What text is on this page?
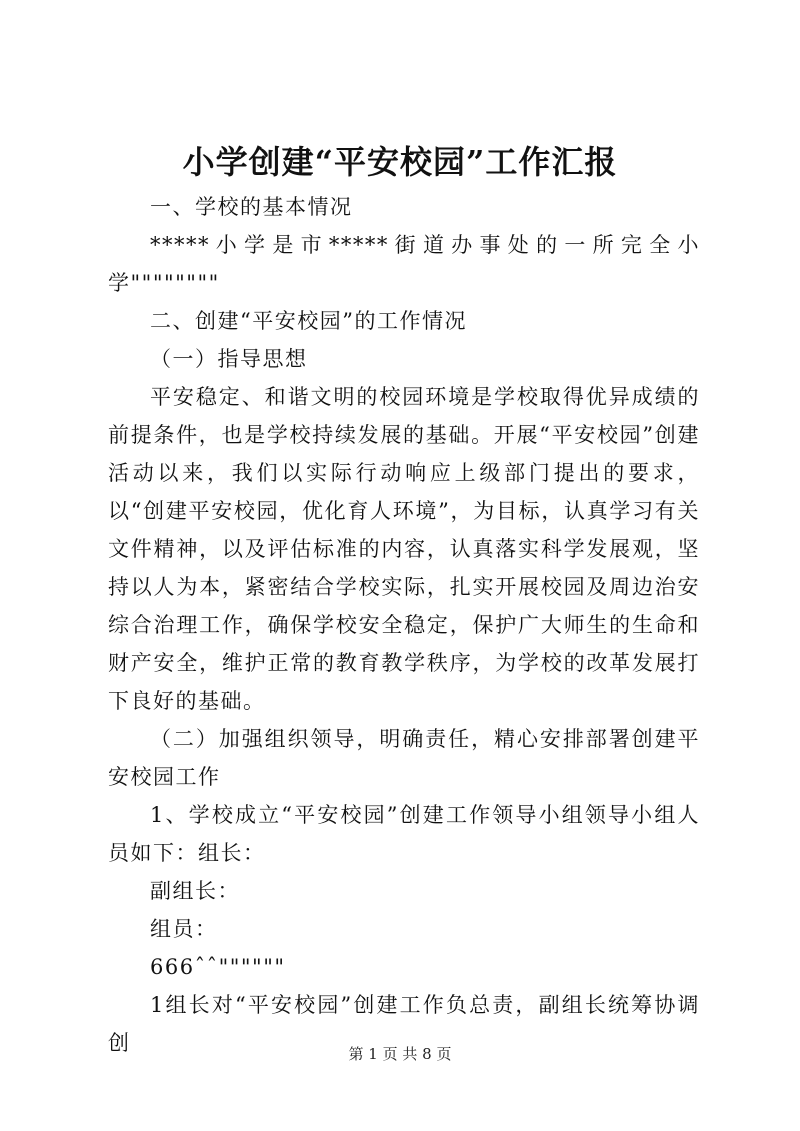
小学创建“平安校园”工作汇报

一、学校的基本情况

*****小学是市*****街道办事处的一所完全小学""""""""

二、创建“平安校园”的工作情况

（一）指导思想

平安稳定、和谐文明的校园环境是学校取得优异成绩的前提条件，也是学校持续发展的基础。开展“平安校园”创建活动以来，我们以实际行动响应上级部门提出的要求，以“创建平安校园，优化育人环境”，为目标，认真学习有关文件精神，以及评估标准的内容，认真落实科学发展观，坚持以人为本，紧密结合学校实际，扎实开展校园及周边治安综合治理工作，确保学校安全稳定，保护广大师生的生命和财产安全，维护正常的教育教学秩序，为学校的改革发展打下良好的基础。

（二）加强组织领导，明确责任，精心安排部署创建平安校园工作

1、学校成立“平安校园”创建工作领导小组领导小组人员如下：组长：

副组长：

组员：

666ˆˆ""""""

1组长对“平安校园”创建工作负总责，副组长统筹协调创	第 1 页 共 8 页
